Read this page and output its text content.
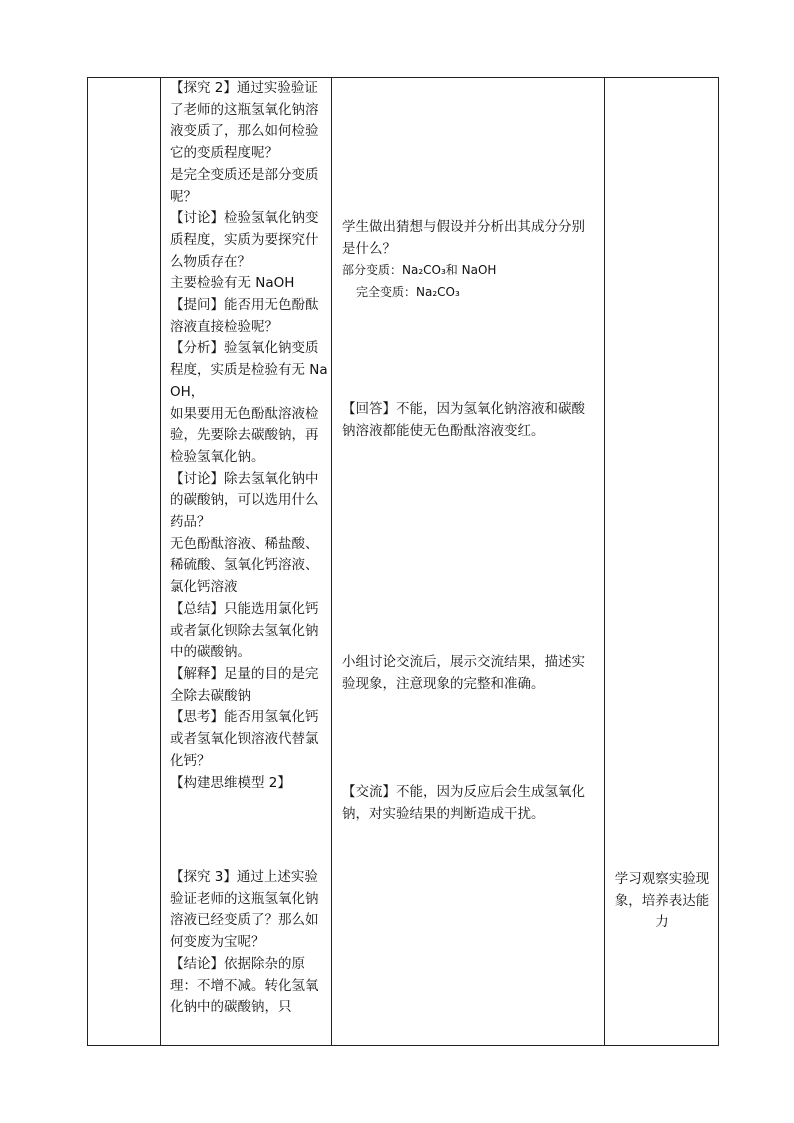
【探究 2】通过实验验证了老师的这瓶氢氧化钠溶液变质了，那么如何检验它的变质程度呢？

是完全变质还是部分变质呢？

【讨论】检验氢氧化钠变质程度，实质为要探究什么物质存在？

主要检验有无 NaOH

【提问】能否用无色酚酞溶液直接检验呢？

【分析】验氢氧化钠变质程度，实质是检验有无 NaOH，

如果要用无色酚酞溶液检验，先要除去碳酸钠，再检验氢氧化钠。

【讨论】除去氢氧化钠中的碳酸钠，可以选用什么药品？

无色酚酞溶液、稀盐酸、稀硫酸、氢氧化钙溶液、氯化钙溶液

【总结】只能选用氯化钙或者氯化钡除去氢氧化钠中的碳酸钠。

【解释】足量的目的是完全除去碳酸钠

【思考】能否用氢氧化钙或者氢氧化钡溶液代替氯化钙？

【构建思维模型 2】

【探究 3】通过上述实验验证老师的这瓶氢氧化钠溶液已经变质了？那么如何变废为宝呢？

【结论】依据除杂的原理：不增不减。转化氢氧化钠中的碳酸钠，只

学生做出猜想与假设并分析出其成分分别是什么？

部分变质：Na₂CO₃和 NaOH

完全变质：Na₂CO₃

【回答】不能，因为氢氧化钠溶液和碳酸钠溶液都能使无色酚酞溶液变红。

小组讨论交流后，展示交流结果，描述实验现象，注意现象的完整和准确。

【交流】不能，因为反应后会生成氢氧化钠，对实验结果的判断造成干扰。

学习观察实验现象，培养表达能力
